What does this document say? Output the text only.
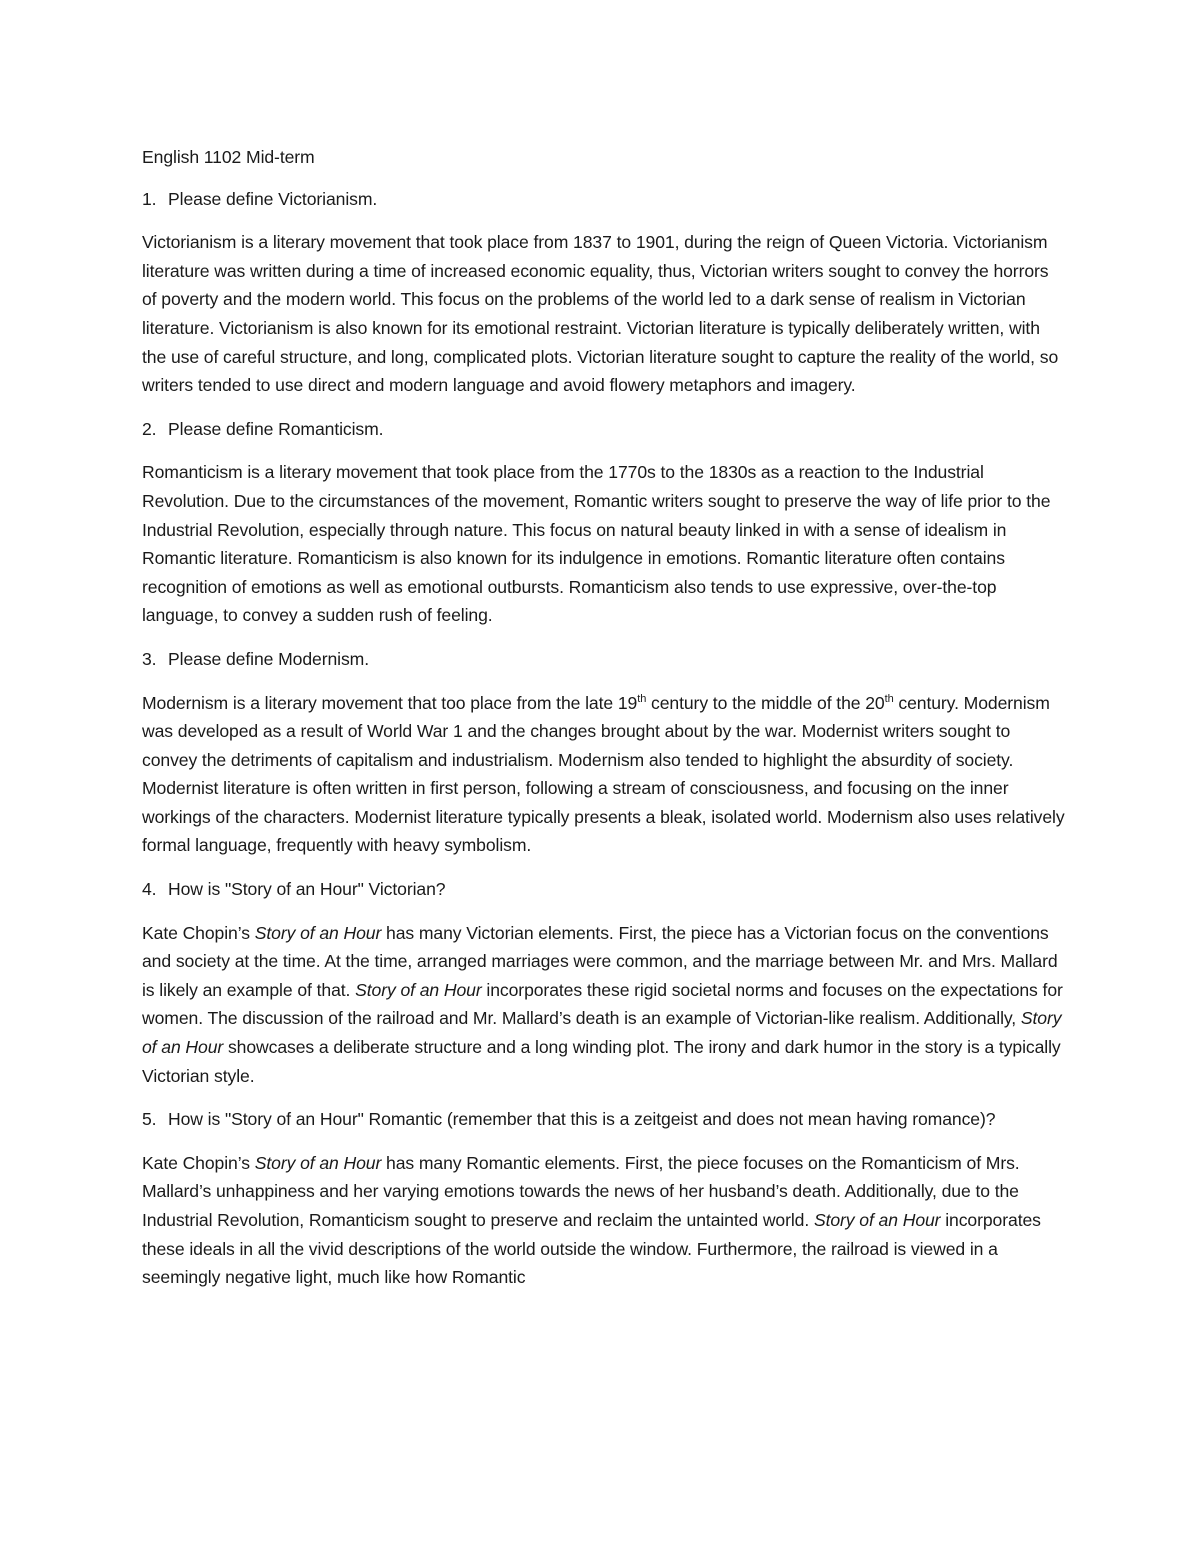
English 1102 Mid-term

1. Please define Victorianism.

Victorianism is a literary movement that took place from 1837 to 1901, during the reign of Queen Victoria. Victorianism literature was written during a time of increased economic equality, thus, Victorian writers sought to convey the horrors of poverty and the modern world. This focus on the problems of the world led to a dark sense of realism in Victorian literature. Victorianism is also known for its emotional restraint. Victorian literature is typically deliberately written, with the use of careful structure, and long, complicated plots. Victorian literature sought to capture the reality of the world, so writers tended to use direct and modern language and avoid flowery metaphors and imagery.

2. Please define Romanticism.

Romanticism is a literary movement that took place from the 1770s to the 1830s as a reaction to the Industrial Revolution. Due to the circumstances of the movement, Romantic writers sought to preserve the way of life prior to the Industrial Revolution, especially through nature. This focus on natural beauty linked in with a sense of idealism in Romantic literature. Romanticism is also known for its indulgence in emotions. Romantic literature often contains recognition of emotions as well as emotional outbursts. Romanticism also tends to use expressive, over-the-top language, to convey a sudden rush of feeling.

3. Please define Modernism.

Modernism is a literary movement that too place from the late 19th century to the middle of the 20th century. Modernism was developed as a result of World War 1 and the changes brought about by the war. Modernist writers sought to convey the detriments of capitalism and industrialism. Modernism also tended to highlight the absurdity of society. Modernist literature is often written in first person, following a stream of consciousness, and focusing on the inner workings of the characters. Modernist literature typically presents a bleak, isolated world. Modernism also uses relatively formal language, frequently with heavy symbolism.

4. How is "Story of an Hour" Victorian?

Kate Chopin’s Story of an Hour has many Victorian elements. First, the piece has a Victorian focus on the conventions and society at the time. At the time, arranged marriages were common, and the marriage between Mr. and Mrs. Mallard is likely an example of that. Story of an Hour incorporates these rigid societal norms and focuses on the expectations for women. The discussion of the railroad and Mr. Mallard’s death is an example of Victorian-like realism. Additionally, Story of an Hour showcases a deliberate structure and a long winding plot. The irony and dark humor in the story is a typically Victorian style.

5. How is "Story of an Hour" Romantic (remember that this is a zeitgeist and does not mean having romance)?

Kate Chopin’s Story of an Hour has many Romantic elements. First, the piece focuses on the Romanticism of Mrs. Mallard’s unhappiness and her varying emotions towards the news of her husband’s death. Additionally, due to the Industrial Revolution, Romanticism sought to preserve and reclaim the untainted world. Story of an Hour incorporates these ideals in all the vivid descriptions of the world outside the window. Furthermore, the railroad is viewed in a seemingly negative light, much like how Romantic
